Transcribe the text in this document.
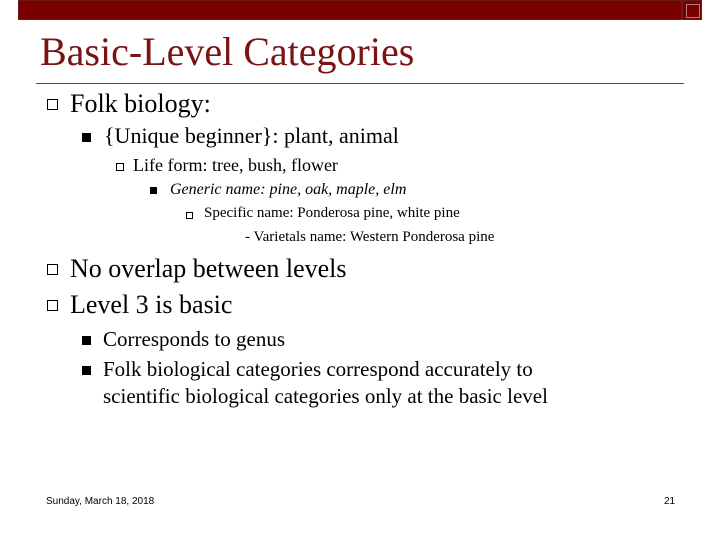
Basic-Level Categories
Folk biology:
{Unique beginner}: plant, animal
Life form: tree, bush, flower
Generic name: pine, oak, maple, elm
Specific name: Ponderosa pine, white pine
- Varietals name: Western Ponderosa pine
No overlap between levels
Level 3 is basic
Corresponds to genus
Folk biological categories correspond accurately to
scientific biological categories only at the basic level
Sunday, March 18, 2018	21
